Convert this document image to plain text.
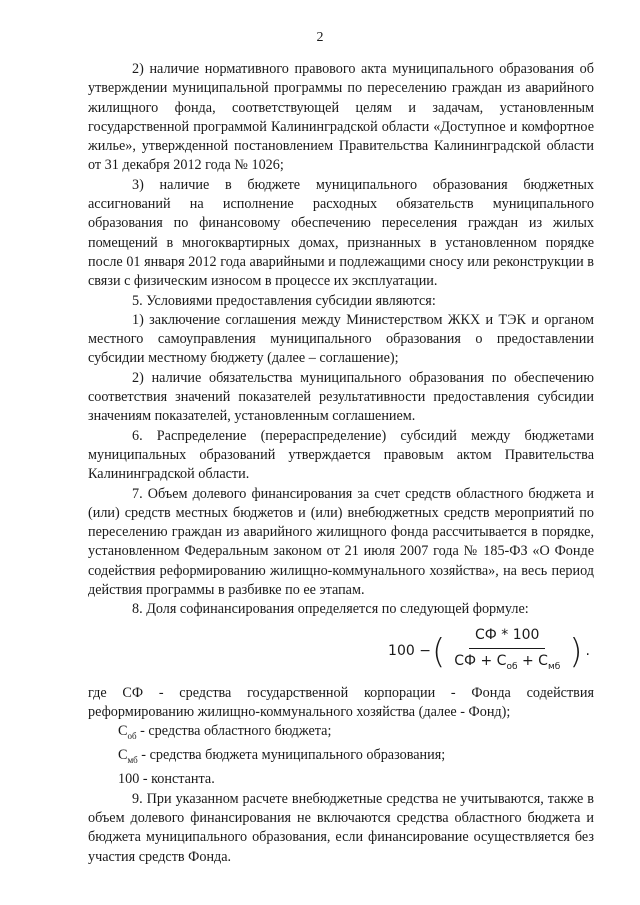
2

2) наличие нормативного правового акта муниципального образования об утверждении муниципальной программы по переселению граждан из аварийного жилищного фонда, соответствующей целям и задачам, установленным государственной программой Калининградской области «Доступное и комфортное жилье», утвержденной постановлением Правительства Калининградской области от 31 декабря 2012 года № 1026;

3) наличие в бюджете муниципального образования бюджетных ассигнований на исполнение расходных обязательств муниципального образования по финансовому обеспечению переселения граждан из жилых помещений в многоквартирных домах, признанных в установленном порядке после 01 января 2012 года аварийными и подлежащими сносу или реконструкции в связи с физическим износом в процессе их эксплуатации.

5. Условиями предоставления субсидии являются:

1) заключение соглашения между Министерством ЖКХ и ТЭК и органом местного самоуправления муниципального образования о предоставлении субсидии местному бюджету (далее – соглашение);

2) наличие обязательства муниципального образования по обеспечению соответствия значений показателей результативности предоставления субсидии значениям показателей, установленным соглашением.

6. Распределение (перераспределение) субсидий между бюджетами муниципальных образований утверждается правовым актом Правительства Калининградской области.

7. Объем долевого финансирования за счет средств областного бюджета и (или) средств местных бюджетов и (или) внебюджетных средств мероприятий по переселению граждан из аварийного жилищного фонда рассчитывается в порядке, установленном Федеральным законом от 21 июля 2007 года № 185-ФЗ «О Фонде содействия реформированию жилищно-коммунального хозяйства», на весь период действия программы в разбивке по ее этапам.

8. Доля софинансирования определяется по следующей формуле:

100 − ( $\frac{СФ * 100}{СФ + С_{об} + С_{мб}}$ ) .

где СФ - средства государственной корпорации - Фонда содействия реформированию жилищно-коммунального хозяйства (далее - Фонд);

$С_{об}$ - средства областного бюджета;

$С_{мб}$ - средства бюджета муниципального образования;

100 - константа.

9. При указанном расчете внебюджетные средства не учитываются, также в объем долевого финансирования не включаются средства областного бюджета и бюджета муниципального образования, если финансирование осуществляется без участия средств Фонда.
